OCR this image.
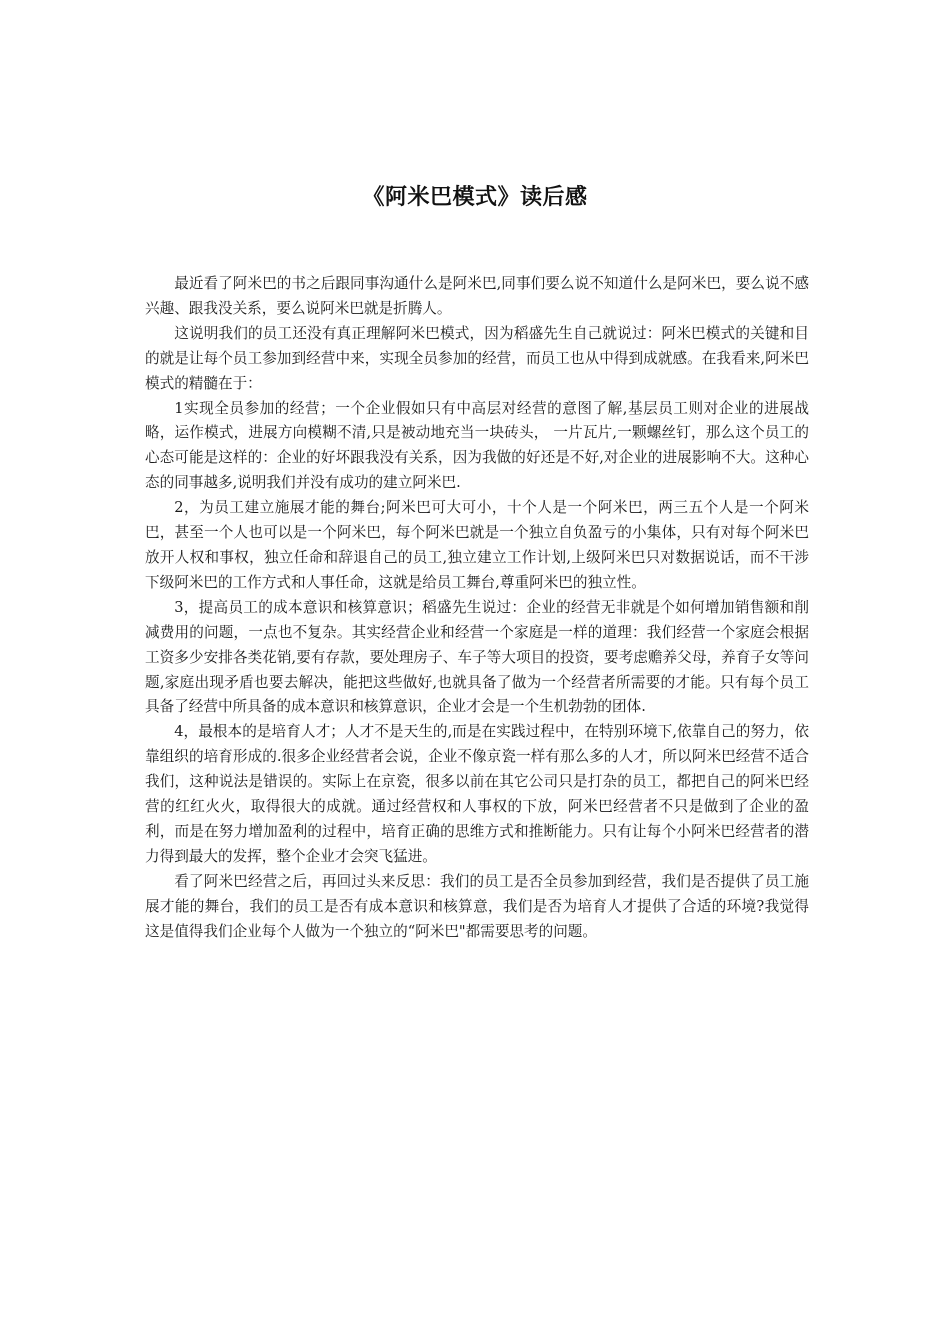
《阿米巴模式》读后感

最近看了阿米巴的书之后跟同事沟通什么是阿米巴,同事们要么说不知道什么是阿米巴，要么说不感兴趣、跟我没关系，要么说阿米巴就是折腾人。

这说明我们的员工还没有真正理解阿米巴模式，因为稻盛先生自己就说过：阿米巴模式的关键和目的就是让每个员工参加到经营中来，实现全员参加的经营，而员工也从中得到成就感。在我看来,阿米巴模式的精髓在于：

1实现全员参加的经营；一个企业假如只有中高层对经营的意图了解,基层员工则对企业的进展战略，运作模式，进展方向模糊不清,只是被动地充当一块砖头， 一片瓦片,一颗螺丝钉，那么这个员工的心态可能是这样的：企业的好坏跟我没有关系，因为我做的好还是不好,对企业的进展影响不大。这种心态的同事越多,说明我们并没有成功的建立阿米巴.

2，为员工建立施展才能的舞台;阿米巴可大可小，十个人是一个阿米巴，两三五个人是一个阿米巴，甚至一个人也可以是一个阿米巴，每个阿米巴就是一个独立自负盈亏的小集体，只有对每个阿米巴放开人权和事权，独立任命和辞退自己的员工,独立建立工作计划,上级阿米巴只对数据说话，而不干涉下级阿米巴的工作方式和人事任命，这就是给员工舞台,尊重阿米巴的独立性。

3，提高员工的成本意识和核算意识；稻盛先生说过：企业的经营无非就是个如何增加销售额和削减费用的问题，一点也不复杂。其实经营企业和经营一个家庭是一样的道理：我们经营一个家庭会根据工资多少安排各类花销,要有存款，要处理房子、车子等大项目的投资，要考虑赡养父母，养育子女等问题,家庭出现矛盾也要去解决，能把这些做好,也就具备了做为一个经营者所需要的才能。只有每个员工具备了经营中所具备的成本意识和核算意识，企业才会是一个生机勃勃的团体.

4，最根本的是培育人才；人才不是天生的,而是在实践过程中，在特别环境下,依靠自己的努力，依靠组织的培育形成的.很多企业经营者会说，企业不像京瓷一样有那么多的人才，所以阿米巴经营不适合我们，这种说法是错误的。实际上在京瓷，很多以前在其它公司只是打杂的员工，都把自己的阿米巴经营的红红火火，取得很大的成就。通过经营权和人事权的下放，阿米巴经营者不只是做到了企业的盈利，而是在努力增加盈利的过程中，培育正确的思维方式和推断能力。只有让每个小阿米巴经营者的潜力得到最大的发挥，整个企业才会突飞猛进。

看了阿米巴经营之后，再回过头来反思：我们的员工是否全员参加到经营，我们是否提供了员工施展才能的舞台，我们的员工是否有成本意识和核算意，我们是否为培育人才提供了合适的环境?我觉得这是值得我们企业每个人做为一个独立的“阿米巴"都需要思考的问题。
